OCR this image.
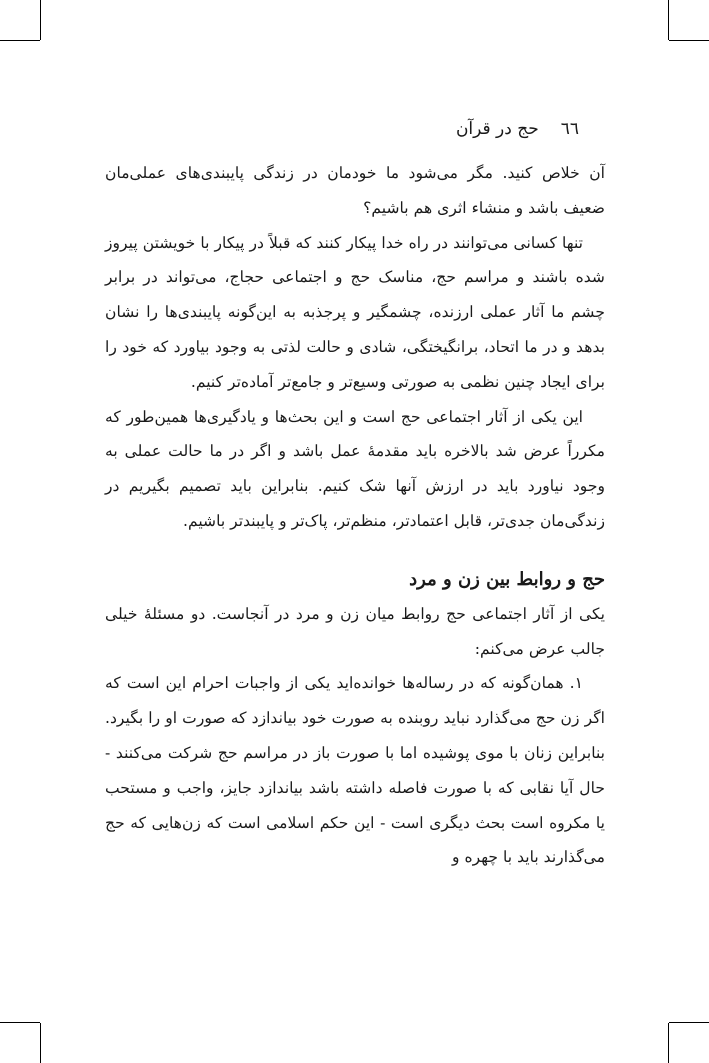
٦٦حج در قرآن

آن خلاص کنید. مگر می‌شود ما خودمان در زندگی پایبندی‌های عملی‌مان ضعیف باشد و منشاء اثری هم باشیم؟

تنها کسانی می‌توانند در راه خدا پیکار کنند که قبلاً در پیکار با خویشتن پیروز شده باشند و مراسم حج، مناسک حج و اجتماعی حجاج، می‌تواند در برابر چشم ما آثار عملی ارزنده، چشمگیر و پرجذبه به این‌گونه پایبندی‌ها را نشان بدهد و در ما اتحاد، برانگیختگی، شادی و حالت لذتی به وجود بیاورد که خود را برای ایجاد چنین نظمی به صورتی وسیع‌تر و جامع‌تر آماده‌تر کنیم.

این یکی از آثار اجتماعی حج است و این بحث‌ها و یادگیری‌ها همین‌طور که مکرراً عرض شد بالاخره باید مقدمهٔ عمل باشد و اگر در ما حالت عملی به وجود نیاورد باید در ارزش آنها شک کنیم. بنابراین باید تصمیم بگیریم در زندگی‌مان جدی‌تر، قابل اعتمادتر، منظم‌تر، پاک‌تر و پایبندتر باشیم.

حج و روابط بین زن و مرد

یکی از آثار اجتماعی حج روابط میان زن و مرد در آنجاست. دو مسئلهٔ خیلی جالب عرض می‌کنم:

۱. همان‌گونه که در رساله‌ها خوانده‌اید یکی از واجبات احرام این است که اگر زن حج می‌گذارد نباید روبنده به صورت خود بیاندازد که صورت او را بگیرد. بنابراین زنان با موی پوشیده اما با صورت باز در مراسم حج شرکت می‌کنند - حال آیا نقابی که با صورت فاصله داشته باشد بیاندازد جایز، واجب و مستحب یا مکروه است بحث دیگری است - این حکم اسلامی است که زن‌هایی که حج می‌گذارند باید با چهره و
